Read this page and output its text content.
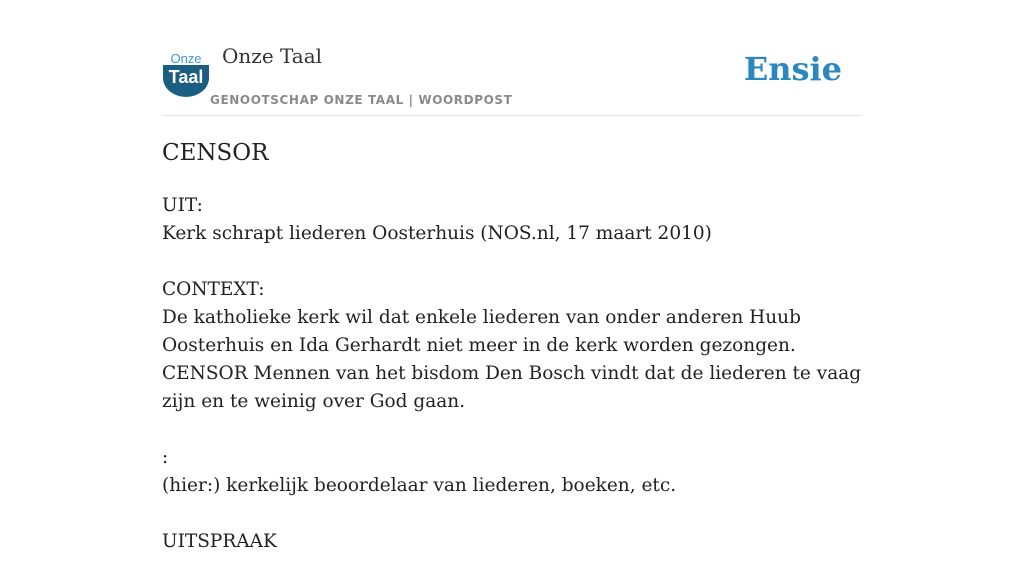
Onze
Taal
Onze Taal
GENOOTSCHAP ONZE TAAL | WOORDPOST
Ensie
CENSOR

UIT:
Kerk schrapt liederen Oosterhuis (NOS.nl, 17 maart 2010)

CONTEXT:
De katholieke kerk wil dat enkele liederen van onder anderen Huub Oosterhuis en Ida Gerhardt niet meer in de kerk worden gezongen. CENSOR Mennen van het bisdom Den Bosch vindt dat de liederen te vaag zijn en te weinig over God gaan.

:
(hier:) kerkelijk beoordelaar van liederen, boeken, etc.

UITSPRAAK
